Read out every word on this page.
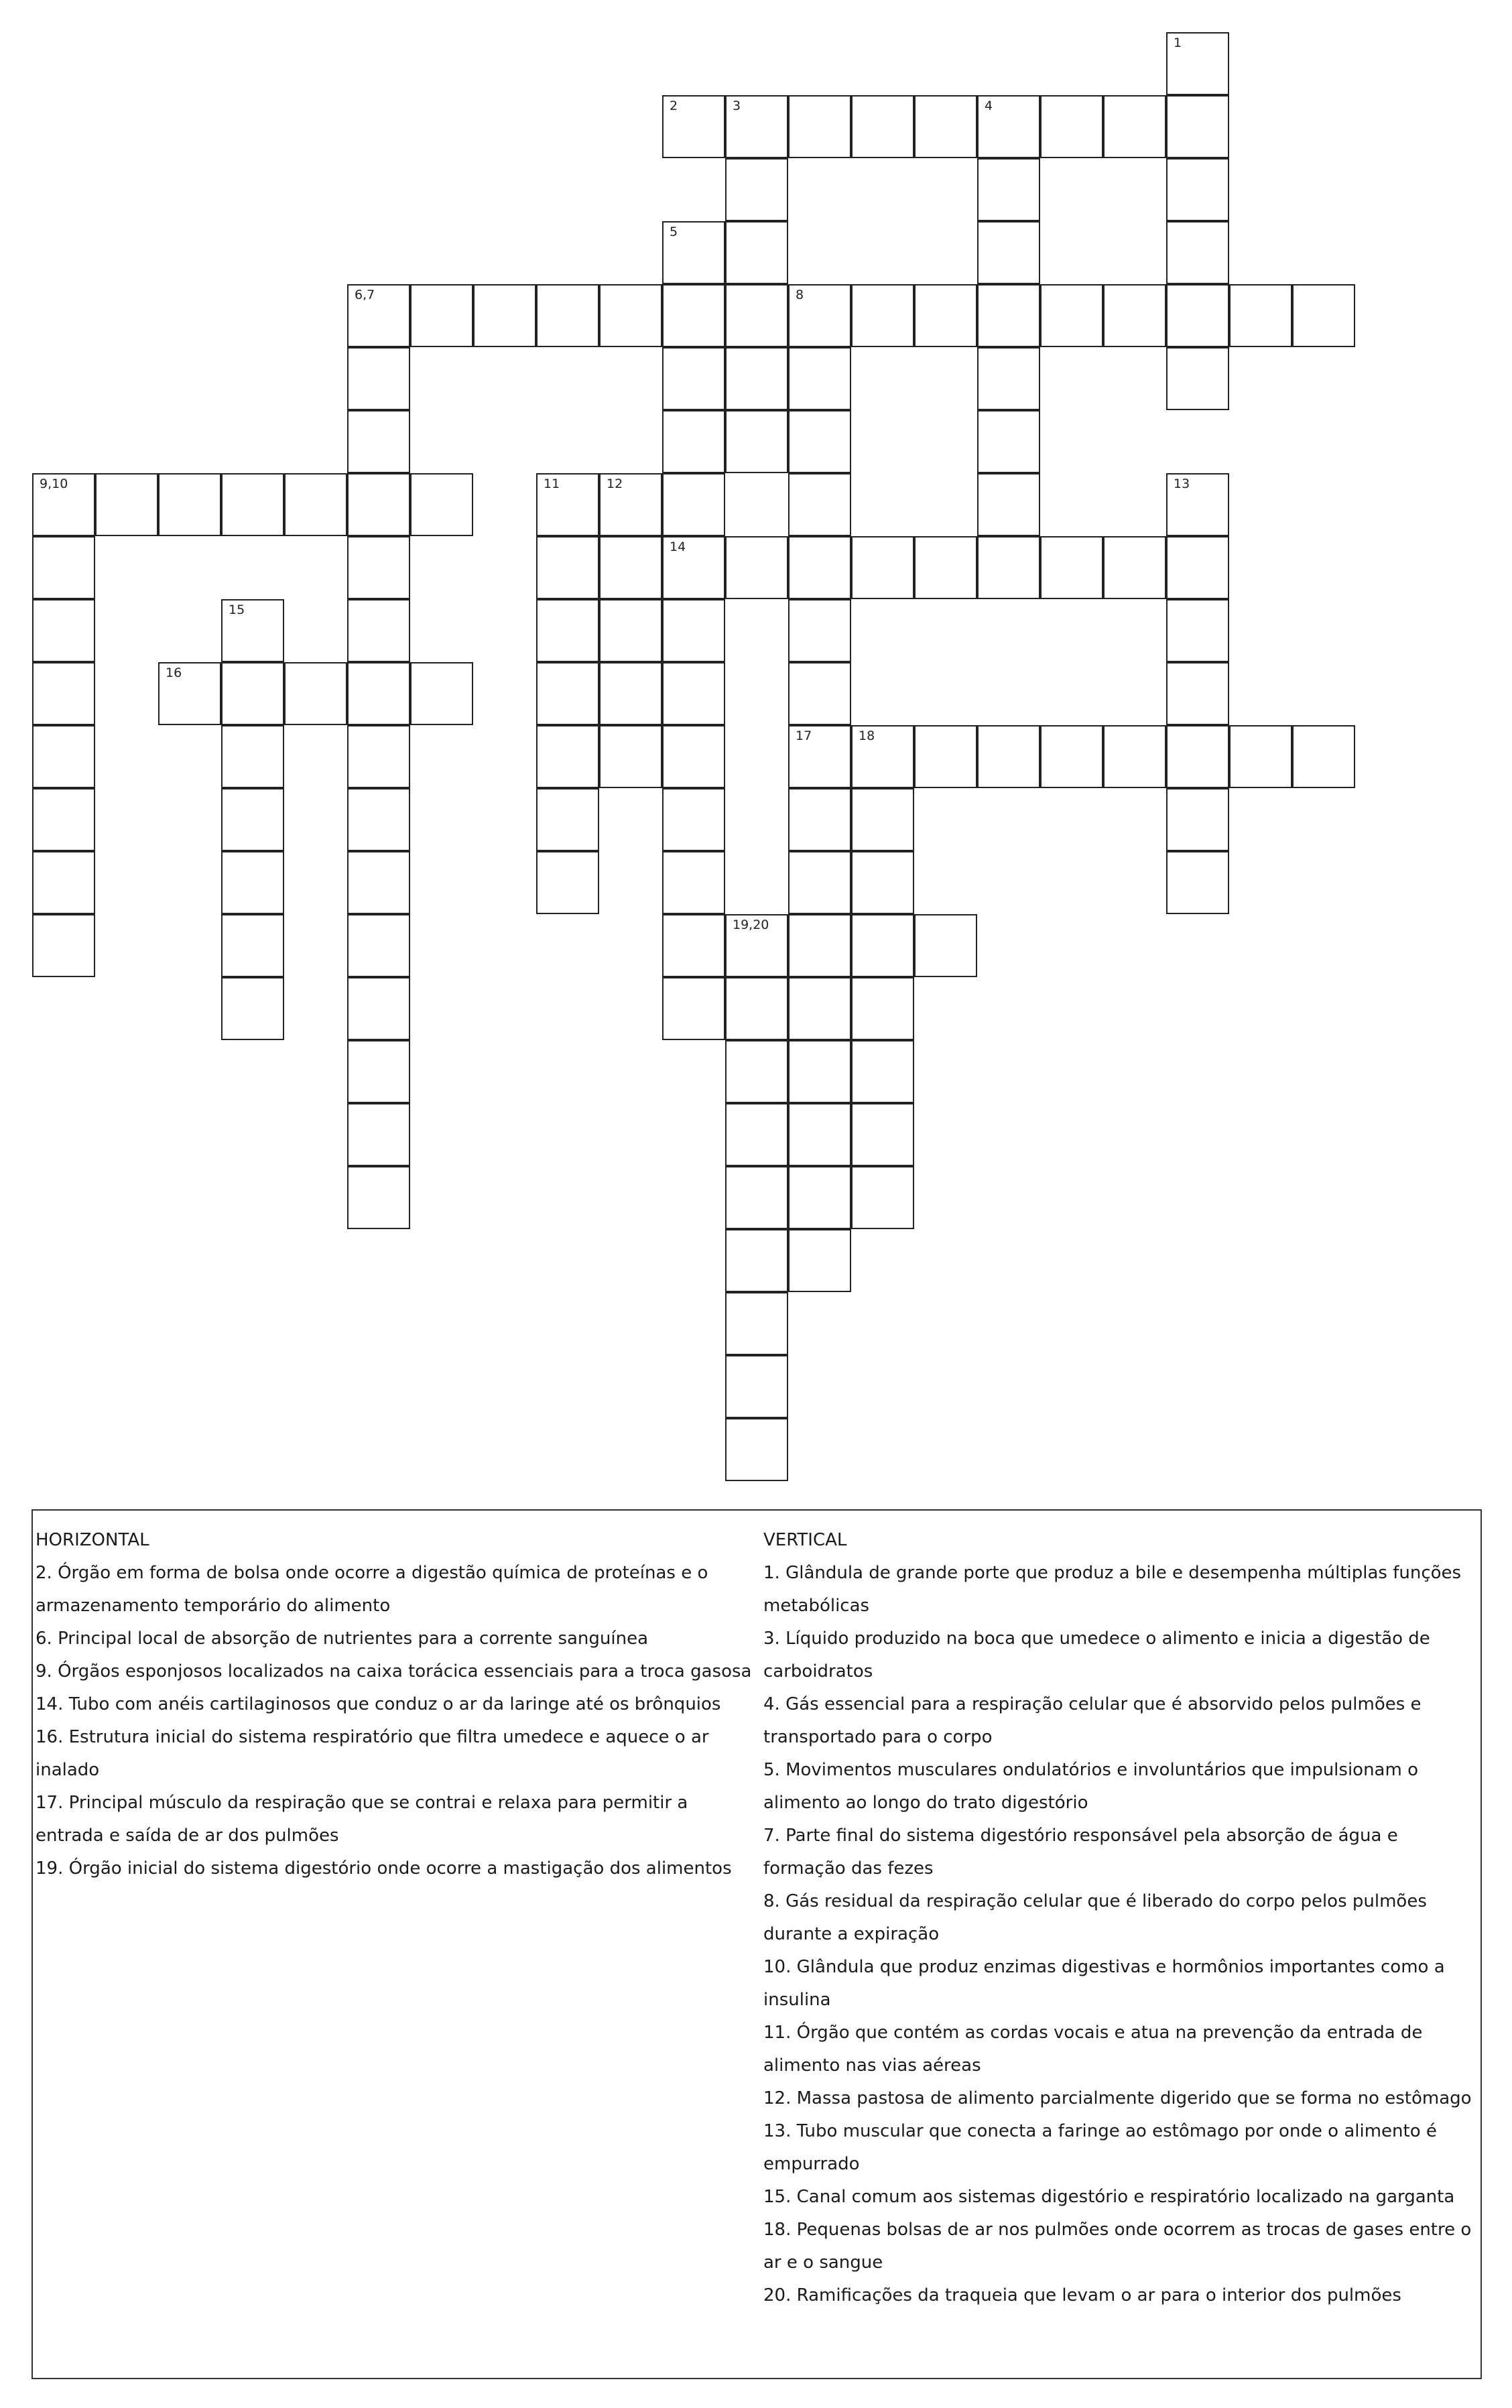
2	3	4
6,7	8
9,10
14
16
17	18
19,20
1
5
11	12	13
15
HORIZONTAL
2. Órgão em forma de bolsa onde ocorre a digestão química de proteínas e o armazenamento temporário do alimento
6. Principal local de absorção de nutrientes para a corrente sanguínea
9. Órgãos esponjosos localizados na caixa torácica essenciais para a troca gasosa
14. Tubo com anéis cartilaginosos que conduz o ar da laringe até os brônquios
16. Estrutura inicial do sistema respiratório que filtra umedece e aquece o ar inalado
17. Principal músculo da respiração que se contrai e relaxa para permitir a entrada e saída de ar dos pulmões
19. Órgão inicial do sistema digestório onde ocorre a mastigação dos alimentos
VERTICAL
1. Glândula de grande porte que produz a bile e desempenha múltiplas funções metabólicas
3. Líquido produzido na boca que umedece o alimento e inicia a digestão de carboidratos
4. Gás essencial para a respiração celular que é absorvido pelos pulmões e transportado para o corpo
5. Movimentos musculares ondulatórios e involuntários que impulsionam o alimento ao longo do trato digestório
7. Parte final do sistema digestório responsável pela absorção de água e formação das fezes
8. Gás residual da respiração celular que é liberado do corpo pelos pulmões durante a expiração
10. Glândula que produz enzimas digestivas e hormônios importantes como a insulina
11. Órgão que contém as cordas vocais e atua na prevenção da entrada de alimento nas vias aéreas
12. Massa pastosa de alimento parcialmente digerido que se forma no estômago
13. Tubo muscular que conecta a faringe ao estômago por onde o alimento é empurrado
15. Canal comum aos sistemas digestório e respiratório localizado na garganta
18. Pequenas bolsas de ar nos pulmões onde ocorrem as trocas de gases entre o ar e o sangue
20. Ramificações da traqueia que levam o ar para o interior dos pulmões
